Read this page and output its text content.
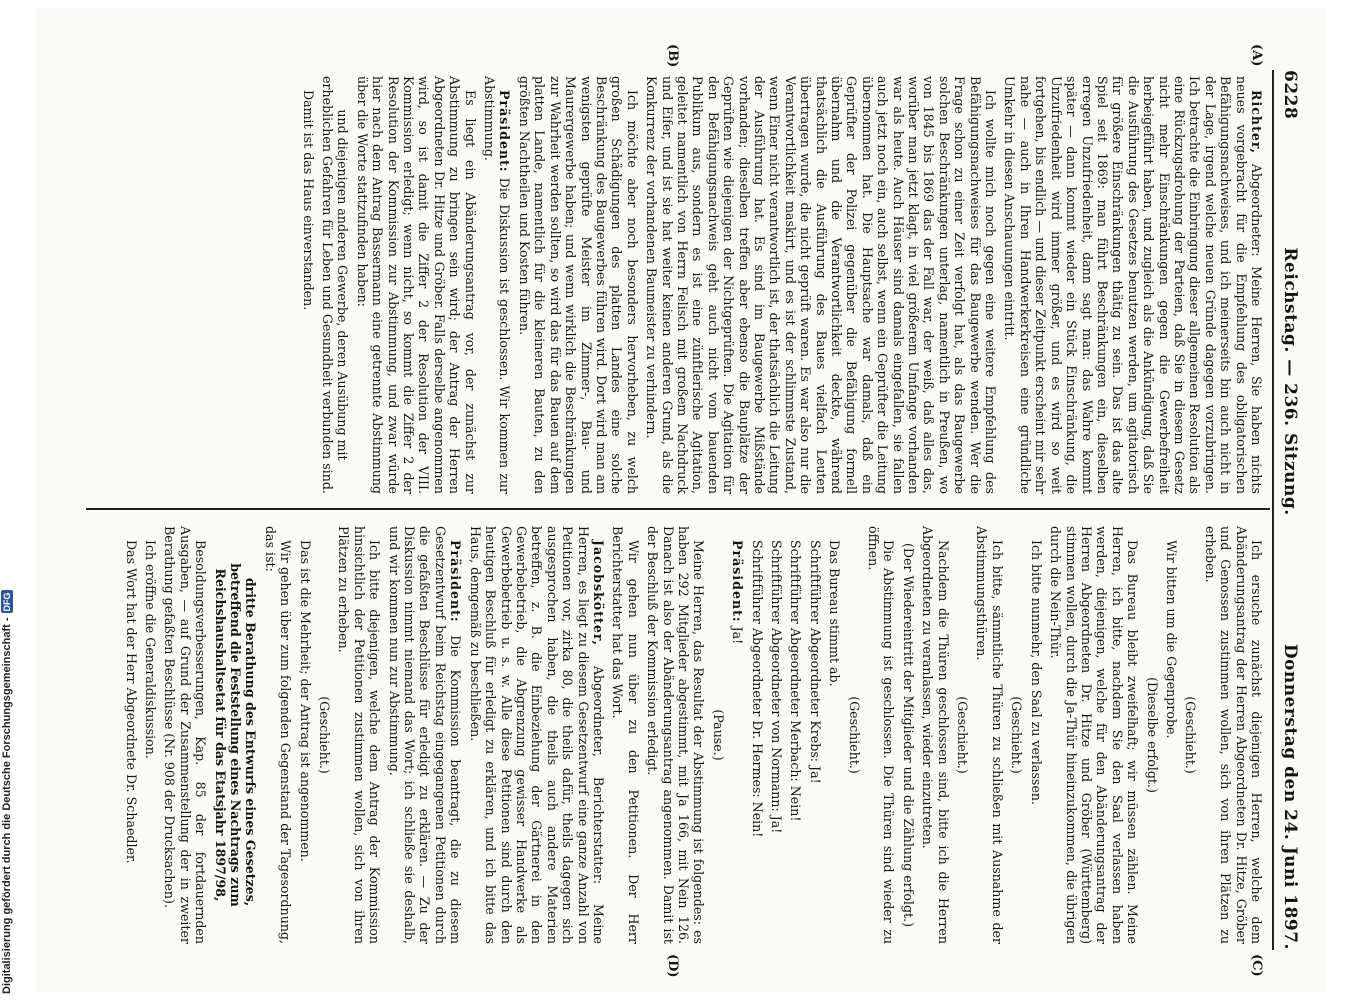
Digitalisierung gefördert durch die Deutsche Forschungsgemeinschaft -
DFG
6228
Reichstag. — 236. Sitzung.
Donnerstag den 24. Juni 1897.
(A)
(B)
(C)
(D)

Richter, Abgeordneter: Meine Herren, Sie haben nichts neues vorgebracht für die Empfehlung des obligatorischen Befähigungsnachweises, und ich meinerseits bin auch nicht in der Lage, irgend welche neuen Gründe dagegen vorzubringen. Ich betrachte die Einbringung dieser allgemeinen Resolution als eine Rückzugsdrohung der Parteien, daß Sie in diesem Gesetz nicht mehr Einschränkungen gegen die Gewerbefreiheit herbeigeführt haben, und zugleich als die Ankündigung, daß Sie die Ausführung des Gesetzes benutzen werden, um agitatorisch für größere Einschränkungen thätig zu sein. Das ist das alte Spiel seit 1869: man führt Beschränkungen ein, dieselben erregen Unzufriedenheit, dann sagt man: das Wahre kommt später — dann kommt wieder ein Stück Einschränkung, die Unzufriedenheit wird immer größer, und es wird so weit fortgehen, bis endlich — und dieser Zeitpunkt erscheint mir sehr nahe — auch in Ihren Handwerkerkreisen eine gründliche Umkehr in diesen Anschauungen eintritt.

Ich wollte mich noch gegen eine weitere Empfehlung des Befähigungsnachweises für das Baugewerbe wenden. Wer die Frage schon zu einer Zeit verfolgt hat, als das Baugewerbe solchen Beschränkungen unterlag, namentlich in Preußen, wo von 1845 bis 1869 das der Fall war, der weiß, daß alles das, worüber man jetzt klagt, in viel größerem Umfange vorhanden war als heute. Auch Häuser sind damals eingefallen, sie fallen auch jetzt noch ein, auch selbst, wenn ein Geprüfter die Leitung übernommen hat. Die Hauptsache war damals, daß ein Geprüfter der Polizei gegenüber die Befähigung formell übernahm und die Verantwortlichkeit deckte, während thatsächlich die Ausführung des Baues vielfach Leuten übertragen wurde, die nicht geprüft waren. Es war also nur die Verantwortlichkeit maskirt, und es ist der schlimmste Zustand, wenn Einer nicht verantwortlich ist, der thatsächlich die Leitung der Ausführung hat. Es sind im Baugewerbe Mißstände vorhanden; dieselben treffen aber ebenso die Bauplätze der Geprüften wie diejenigen der Nichtgeprüften. Die Agitation für den Befähigungsnachweis geht auch nicht vom bauenden Publikum aus, sondern es ist eine zünftlerische Agitation, geleitet namentlich von Herrn Felisch mit großem Nachdruck und Eifer, und ist sie hat weiter keinen anderen Grund, als die Konkurrenz der vorhandenen Baumeister zu verhindern.

Ich möchte aber noch besonders hervorheben, zu welch großen Schädigungen des platten Landes eine solche Beschränkung des Baugewerbes führen wird. Dort wird man am wenigsten geprüfte Meister im Zimmer-, Bau- und Maurergewerbe haben; und wenn wirklich die Beschränkungen zur Wahrheit werden sollten, so wird das für das Bauen auf dem platten Lande, namentlich für die kleineren Bauten, zu den größten Nachtheilen und Kosten führen.

Präsident: Die Diskussion ist geschlossen. Wir kommen zur Abstimmung.

Es liegt ein Abänderungsantrag vor, der zunächst zur Abstimmung zu bringen sein wird; der Antrag der Herren Abgeordneten Dr. Hitze und Gröber. Falls derselbe angenommen wird, so ist damit die Ziffer 2 der Resolution der VIII. Kommission erledigt; wenn nicht, so kommt die Ziffer 2 der Resolution der Kommission zur Abstimmung, und zwar würde hier nach dem Antrag Bassermann eine getrennte Abstimmung über die Worte stattzufinden haben:

und diejenigen anderen Gewerbe, deren Ausübung mit erheblichen Gefahren für Leben und Gesundheit verbunden sind.

Damit ist das Haus einverstanden.

Ich ersuche zunächst diejenigen Herren, welche dem Abänderungsantrag der Herren Abgeordneten Dr. Hitze, Gröber und Genossen zustimmen wollen, sich von ihren Plätzen zu erheben.

(Geschieht.)

Wir bitten um die Gegenprobe.

(Dieselbe erfolgt.)

Das Bureau bleibt zweifelhaft; wir müssen zählen. Meine Herren, ich bitte, nachdem Sie den Saal verlassen haben werden, diejenigen, welche für den Abänderungsantrag der Herren Abgeordneten Dr. Hitze und Gröber (Württemberg) stimmen wollen, durch die Ja-Thür hineinzukommen, die übrigen durch die Nein-Thür.

Ich bitte nunmehr, den Saal zu verlassen.

(Geschieht.)

Ich bitte, sämmtliche Thüren zu schließen mit Ausnahme der Abstimmungsthüren.

(Geschieht.)

Nachdem die Thüren geschlossen sind, bitte ich die Herren Abgeordneten zu veranlassen, wieder einzutreten.

(Der Wiedereintritt der Mitglieder und die Zählung erfolgt.)

Die Abstimmung ist geschlossen. Die Thüren sind wieder zu öffnen.

(Geschieht.)

Das Bureau stimmt ab.

Schriftführer Abgeordneter Krebs: Ja!

Schriftführer Abgeordneter Merbach: Nein!

Schriftführer Abgeordneter von Normann: Ja!

Schriftführer Abgeordneter Dr. Hermes: Nein!

Präsident: Ja!

(Pause.)

Meine Herren, das Resultat der Abstimmung ist folgendes: es haben 292 Mitglieder abgestimmt, mit Ja 166, mit Nein 126. Danach ist also der Abänderungsantrag angenommen. Damit ist der Beschluß der Kommission erledigt.

Wir gehen nun über zu den Petitionen. Der Herr Berichterstatter hat das Wort.

Jacobskötter, Abgeordneter, Berichterstatter: Meine Herren, es liegt zu diesem Gesetzentwurf eine ganze Anzahl von Petitionen vor, zirka 80, die theils dafür, theils dagegen sich ausgesprochen haben, die theils auch andere Materien betreffen, z. B. die Einbeziehung der Gärtnerei in den Gewerbebetrieb, die Abgrenzung gewisser Handwerke als Gewerbebetrieb u. s. w. Alle diese Petitionen sind durch den heutigen Beschluß für erledigt zu erklären, und ich bitte das Haus, demgemäß zu beschließen.

Präsident: Die Kommission beantragt, die zu diesem Gesetzentwurf beim Reichstag eingegangenen Petitionen durch die gefaßten Beschlüsse für erledigt zu erklären. — Zu der Diskussion nimmt niemand das Wort; ich schließe sie deshalb, und wir kommen nun zur Abstimmung.

Ich bitte diejenigen, welche dem Antrag der Kommission hinsichtlich der Petitionen zustimmen wollen, sich von ihren Plätzen zu erheben.

(Geschieht.)

Das ist die Mehrheit; der Antrag ist angenommen.

Wir gehen über zum folgenden Gegenstand der Tagesordnung, das ist:

dritte Berathung des Entwurfs eines Gesetzes, betreffend die Feststellung eines Nachtrags zum Reichshaushaltsetat für das Etatsjahr 1897/98,

Besoldungsverbesserungen, Kap. 85 der fortdauernden Ausgaben, — auf Grund der Zusammenstellung der in zweiter Berathung gefaßten Beschlüsse (Nr. 908 der Drucksachen).

Ich eröffne die Generaldiskussion.

Das Wort hat der Herr Abgeordnete Dr. Schaedler.
